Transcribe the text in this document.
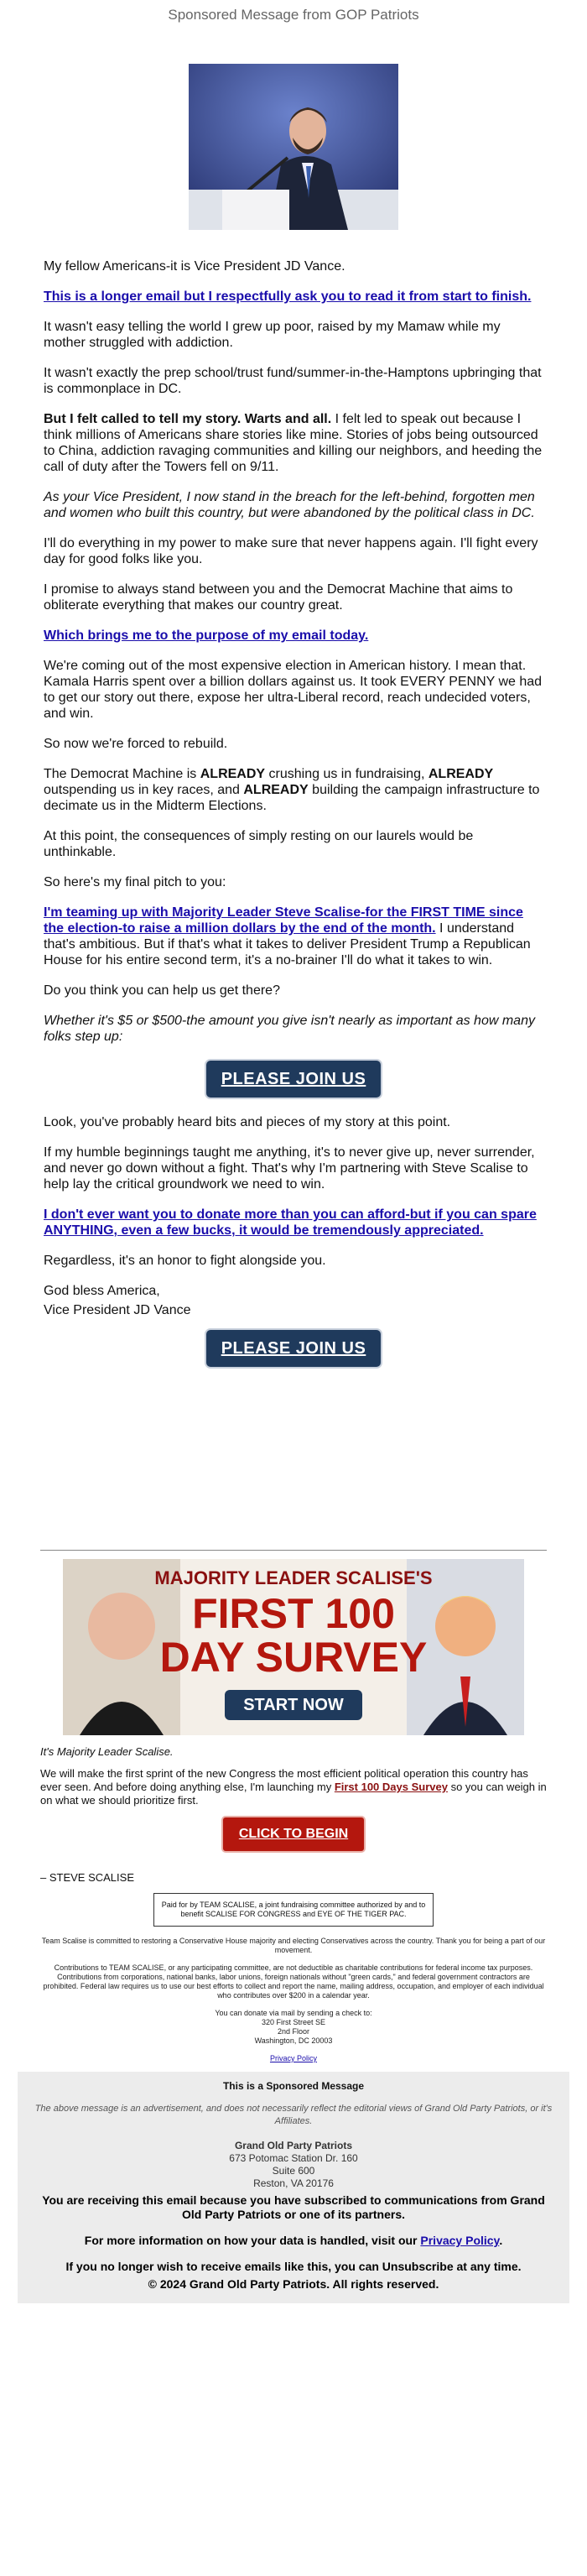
Sponsored Message from GOP Patriots

My fellow Americans-it is Vice President JD Vance.

This is a longer email but I respectfully ask you to read it from start to finish.

It wasn't easy telling the world I grew up poor, raised by my Mamaw while my mother struggled with addiction.

It wasn't exactly the prep school/trust fund/summer-in-the-Hamptons upbringing that is commonplace in DC.

But I felt called to tell my story. Warts and all. I felt led to speak out because I think millions of Americans share stories like mine. Stories of jobs being outsourced to China, addiction ravaging communities and killing our neighbors, and heeding the call of duty after the Towers fell on 9/11.

As your Vice President, I now stand in the breach for the left-behind, forgotten men and women who built this country, but were abandoned by the political class in DC.

I'll do everything in my power to make sure that never happens again. I'll fight every day for good folks like you.

I promise to always stand between you and the Democrat Machine that aims to obliterate everything that makes our country great.

Which brings me to the purpose of my email today.

We're coming out of the most expensive election in American history. I mean that. Kamala Harris spent over a billion dollars against us. It took EVERY PENNY we had to get our story out there, expose her ultra-Liberal record, reach undecided voters, and win.

So now we're forced to rebuild.

The Democrat Machine is ALREADY crushing us in fundraising, ALREADY outspending us in key races, and ALREADY building the campaign infrastructure to decimate us in the Midterm Elections.

At this point, the consequences of simply resting on our laurels would be unthinkable.

So here's my final pitch to you:

I'm teaming up with Majority Leader Steve Scalise-for the FIRST TIME since the election-to raise a million dollars by the end of the month. I understand that's ambitious. But if that's what it takes to deliver President Trump a Republican House for his entire second term, it's a no-brainer I'll do what it takes to win.

Do you think you can help us get there?

Whether it's $5 or $500-the amount you give isn't nearly as important as how many folks step up:

PLEASE JOIN US

Look, you've probably heard bits and pieces of my story at this point.

If my humble beginnings taught me anything, it's to never give up, never surrender, and never go down without a fight. That's why I'm partnering with Steve Scalise to help lay the critical groundwork we need to win.

I don't ever want you to donate more than you can afford-but if you can spare ANYTHING, even a few bucks, it would be tremendously appreciated.

Regardless, it's an honor to fight alongside you.

God bless America,

Vice President JD Vance

PLEASE JOIN US
MAJORITY LEADER SCALISE'S
FIRST 100
DAY SURVEY
START NOW

It's Majority Leader Scalise.

We will make the first sprint of the new Congress the most efficient political operation this country has ever seen. And before doing anything else, I'm launching my First 100 Days Survey so you can weigh in on what we should prioritize first.

CLICK TO BEGIN

– STEVE SCALISE

Paid for by TEAM SCALISE, a joint fundraising committee authorized by and to benefit SCALISE FOR CONGRESS and EYE OF THE TIGER PAC.

Team Scalise is committed to restoring a Conservative House majority and electing Conservatives across the country. Thank you for being a part of our movement.

Contributions to TEAM SCALISE, or any participating committee, are not deductible as charitable contributions for federal income tax purposes. Contributions from corporations, national banks, labor unions, foreign nationals without "green cards," and federal government contractors are prohibited. Federal law requires us to use our best efforts to collect and report the name, mailing address, occupation, and employer of each individual who contributes over $200 in a calendar year.

You can donate via mail by sending a check to:

320 First Street SE
2nd Floor
Washington, DC 20003
Privacy Policy
This is a Sponsored Message
The above message is an advertisement, and does not necessarily reflect the editorial views of Grand Old Party Patriots, or it's Affiliates.
Grand Old Party Patriots
673 Potomac Station Dr. 160
Suite 600
Reston, VA 20176
You are receiving this email because you have subscribed to communications from Grand Old Party Patriots or one of its partners.
For more information on how your data is handled, visit our Privacy Policy.
If you no longer wish to receive emails like this, you can Unsubscribe at any time.
© 2024 Grand Old Party Patriots. All rights reserved.
